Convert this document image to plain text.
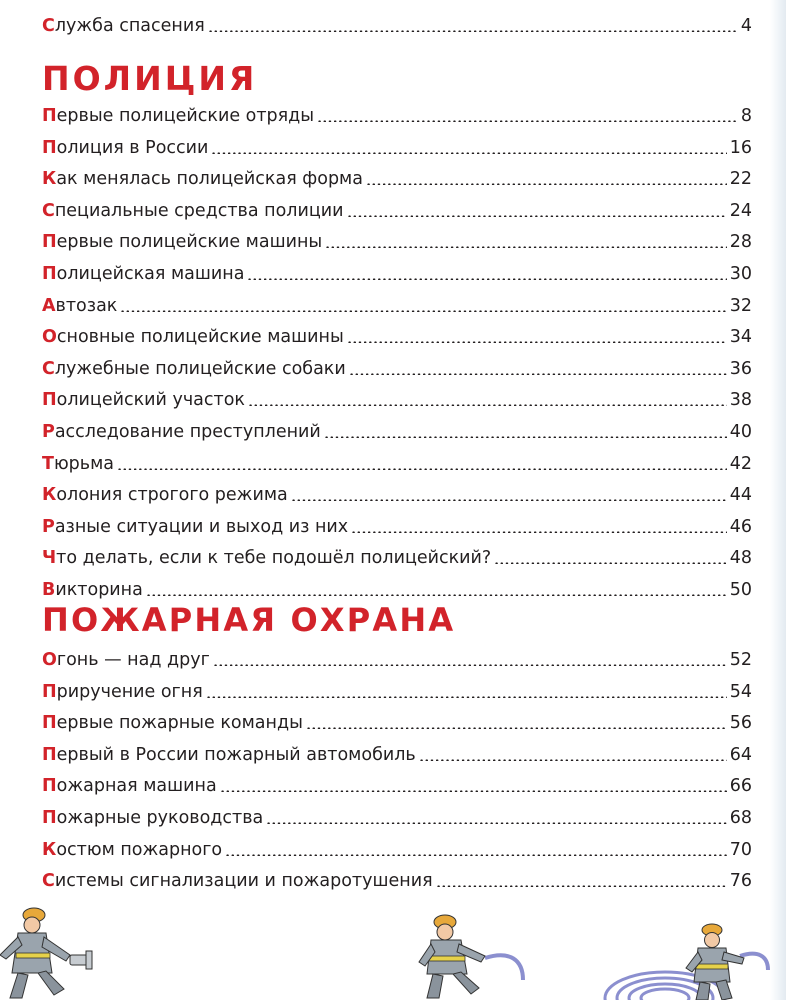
Служба спасения	4
ПОЛИЦИЯ
Первые полицейские отряды	8
Полиция в России	16
Как менялась полицейская форма	22
Специальные средства полиции	24
Первые полицейские машины	28
Полицейская машина	30
Автозак	32
Основные полицейские машины	34
Служебные полицейские собаки	36
Полицейский участок	38
Расследование преступлений	40
Тюрьма	42
Колония строгого режима	44
Разные ситуации и выход из них	46
Что делать, если к тебе подошёл полицейский?	48
Викторина	50
ПОЖАРНАЯ ОХРАНА
Огонь — над друг	52
Приручение огня	54
Первые пожарные команды	56
Первый в России пожарный автомобиль	64
Пожарная машина	66
Пожарные руководства	68
Костюм пожарного	70
Системы сигнализации и пожаротушения	76
